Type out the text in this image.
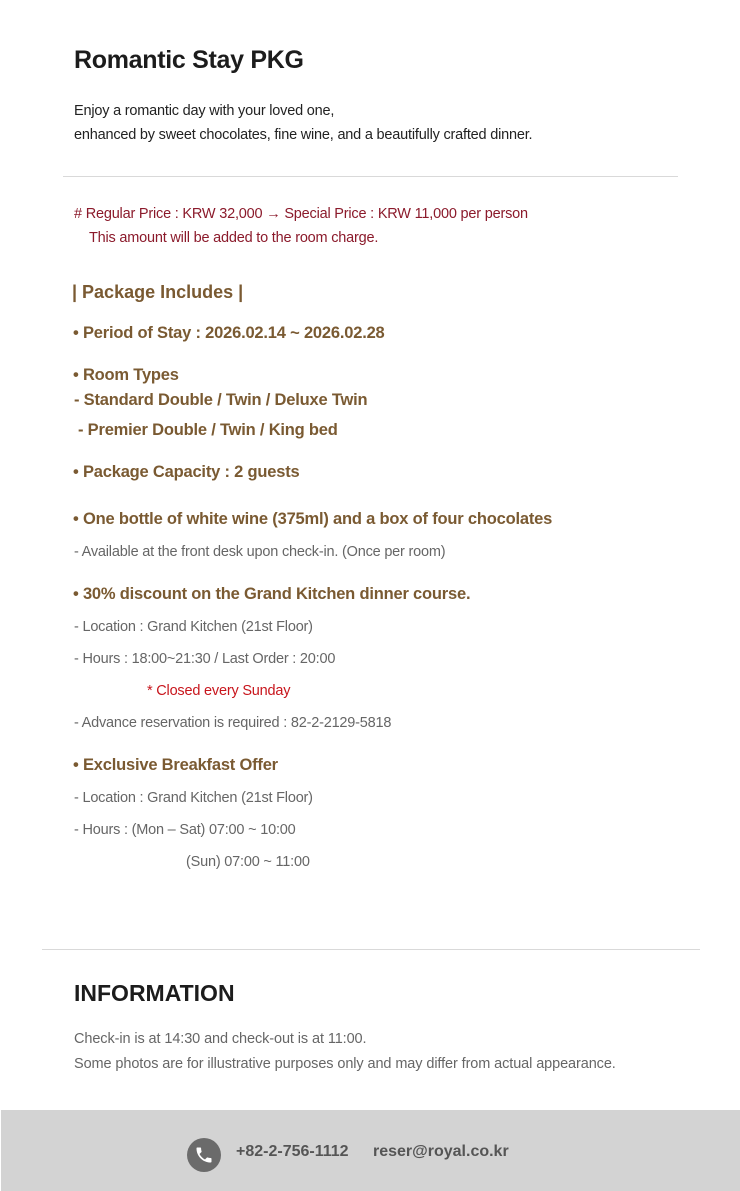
Romantic Stay PKG
Enjoy a romantic day with your loved one,
enhanced by sweet chocolates, fine wine, and a beautifully crafted dinner.
# Regular Price : KRW 32,000 → Special Price : KRW 11,000 per person
This amount will be added to the room charge.
| Package Includes |
• Period of Stay : 2026.02.14 ~ 2026.02.28
• Room Types
- Standard Double / Twin / Deluxe Twin
- Premier Double / Twin / King bed
• Package Capacity : 2 guests
• One bottle of white wine (375ml) and a box of four chocolates
- Available at the front desk upon check-in. (Once per room)
• 30% discount on the Grand Kitchen dinner course.
- Location : Grand Kitchen (21st Floor)
- Hours : 18:00~21:30 / Last Order : 20:00
* Closed every Sunday
- Advance reservation is required : 82-2-2129-5818
• Exclusive Breakfast Offer
- Location : Grand Kitchen (21st Floor)
- Hours : (Mon – Sat) 07:00 ~ 10:00
(Sun) 07:00 ~ 11:00
INFORMATION
Check-in is at 14:30 and check-out is at 11:00.
Some photos are for illustrative purposes only and may differ from actual appearance.
+82-2-756-1112 reser@royal.co.kr
